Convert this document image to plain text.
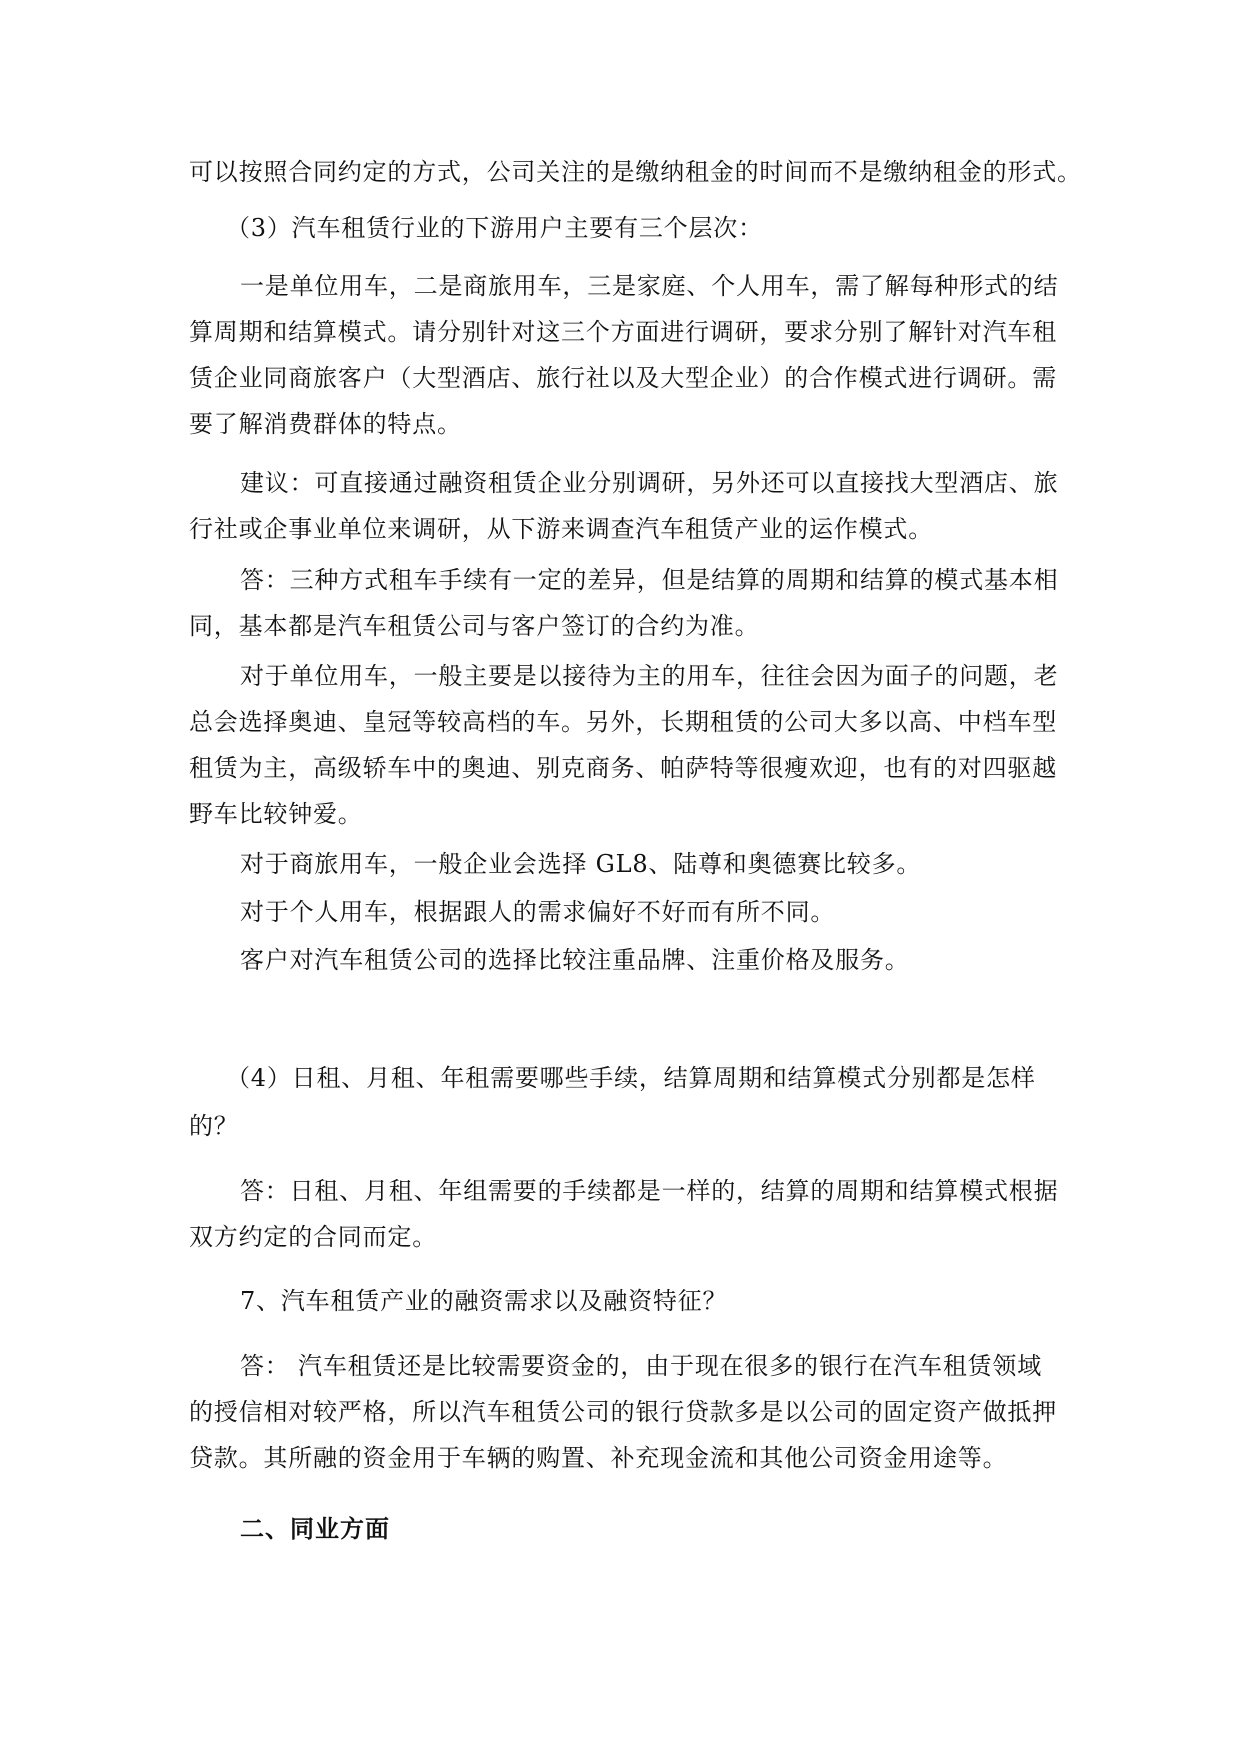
可以按照合同约定的方式，公司关注的是缴纳租金的时间而不是缴纳租金的形式。
（3）汽车租赁行业的下游用户主要有三个层次：
一是单位用车，二是商旅用车，三是家庭、个人用车，需了解每种形式的结
算周期和结算模式。请分别针对这三个方面进行调研，要求分别了解针对汽车租
赁企业同商旅客户（大型酒店、旅行社以及大型企业）的合作模式进行调研。需
要了解消费群体的特点。
建议：可直接通过融资租赁企业分别调研，另外还可以直接找大型酒店、旅
行社或企事业单位来调研，从下游来调查汽车租赁产业的运作模式。
答：三种方式租车手续有一定的差异，但是结算的周期和结算的模式基本相
同，基本都是汽车租赁公司与客户签订的合约为准。
对于单位用车，一般主要是以接待为主的用车，往往会因为面子的问题，老
总会选择奥迪、皇冠等较高档的车。另外，长期租赁的公司大多以高、中档车型
租赁为主，高级轿车中的奥迪、别克商务、帕萨特等很瘦欢迎，也有的对四驱越
野车比较钟爱。
对于商旅用车，一般企业会选择 GL8、陆尊和奥德赛比较多。
对于个人用车，根据跟人的需求偏好不好而有所不同。
客户对汽车租赁公司的选择比较注重品牌、注重价格及服务。
（4）日租、月租、年租需要哪些手续，结算周期和结算模式分别都是怎样
的？
答：日租、月租、年组需要的手续都是一样的，结算的周期和结算模式根据
双方约定的合同而定。
7、汽车租赁产业的融资需求以及融资特征？
答： 汽车租赁还是比较需要资金的，由于现在很多的银行在汽车租赁领域
的授信相对较严格，所以汽车租赁公司的银行贷款多是以公司的固定资产做抵押
贷款。其所融的资金用于车辆的购置、补充现金流和其他公司资金用途等。
二、同业方面
